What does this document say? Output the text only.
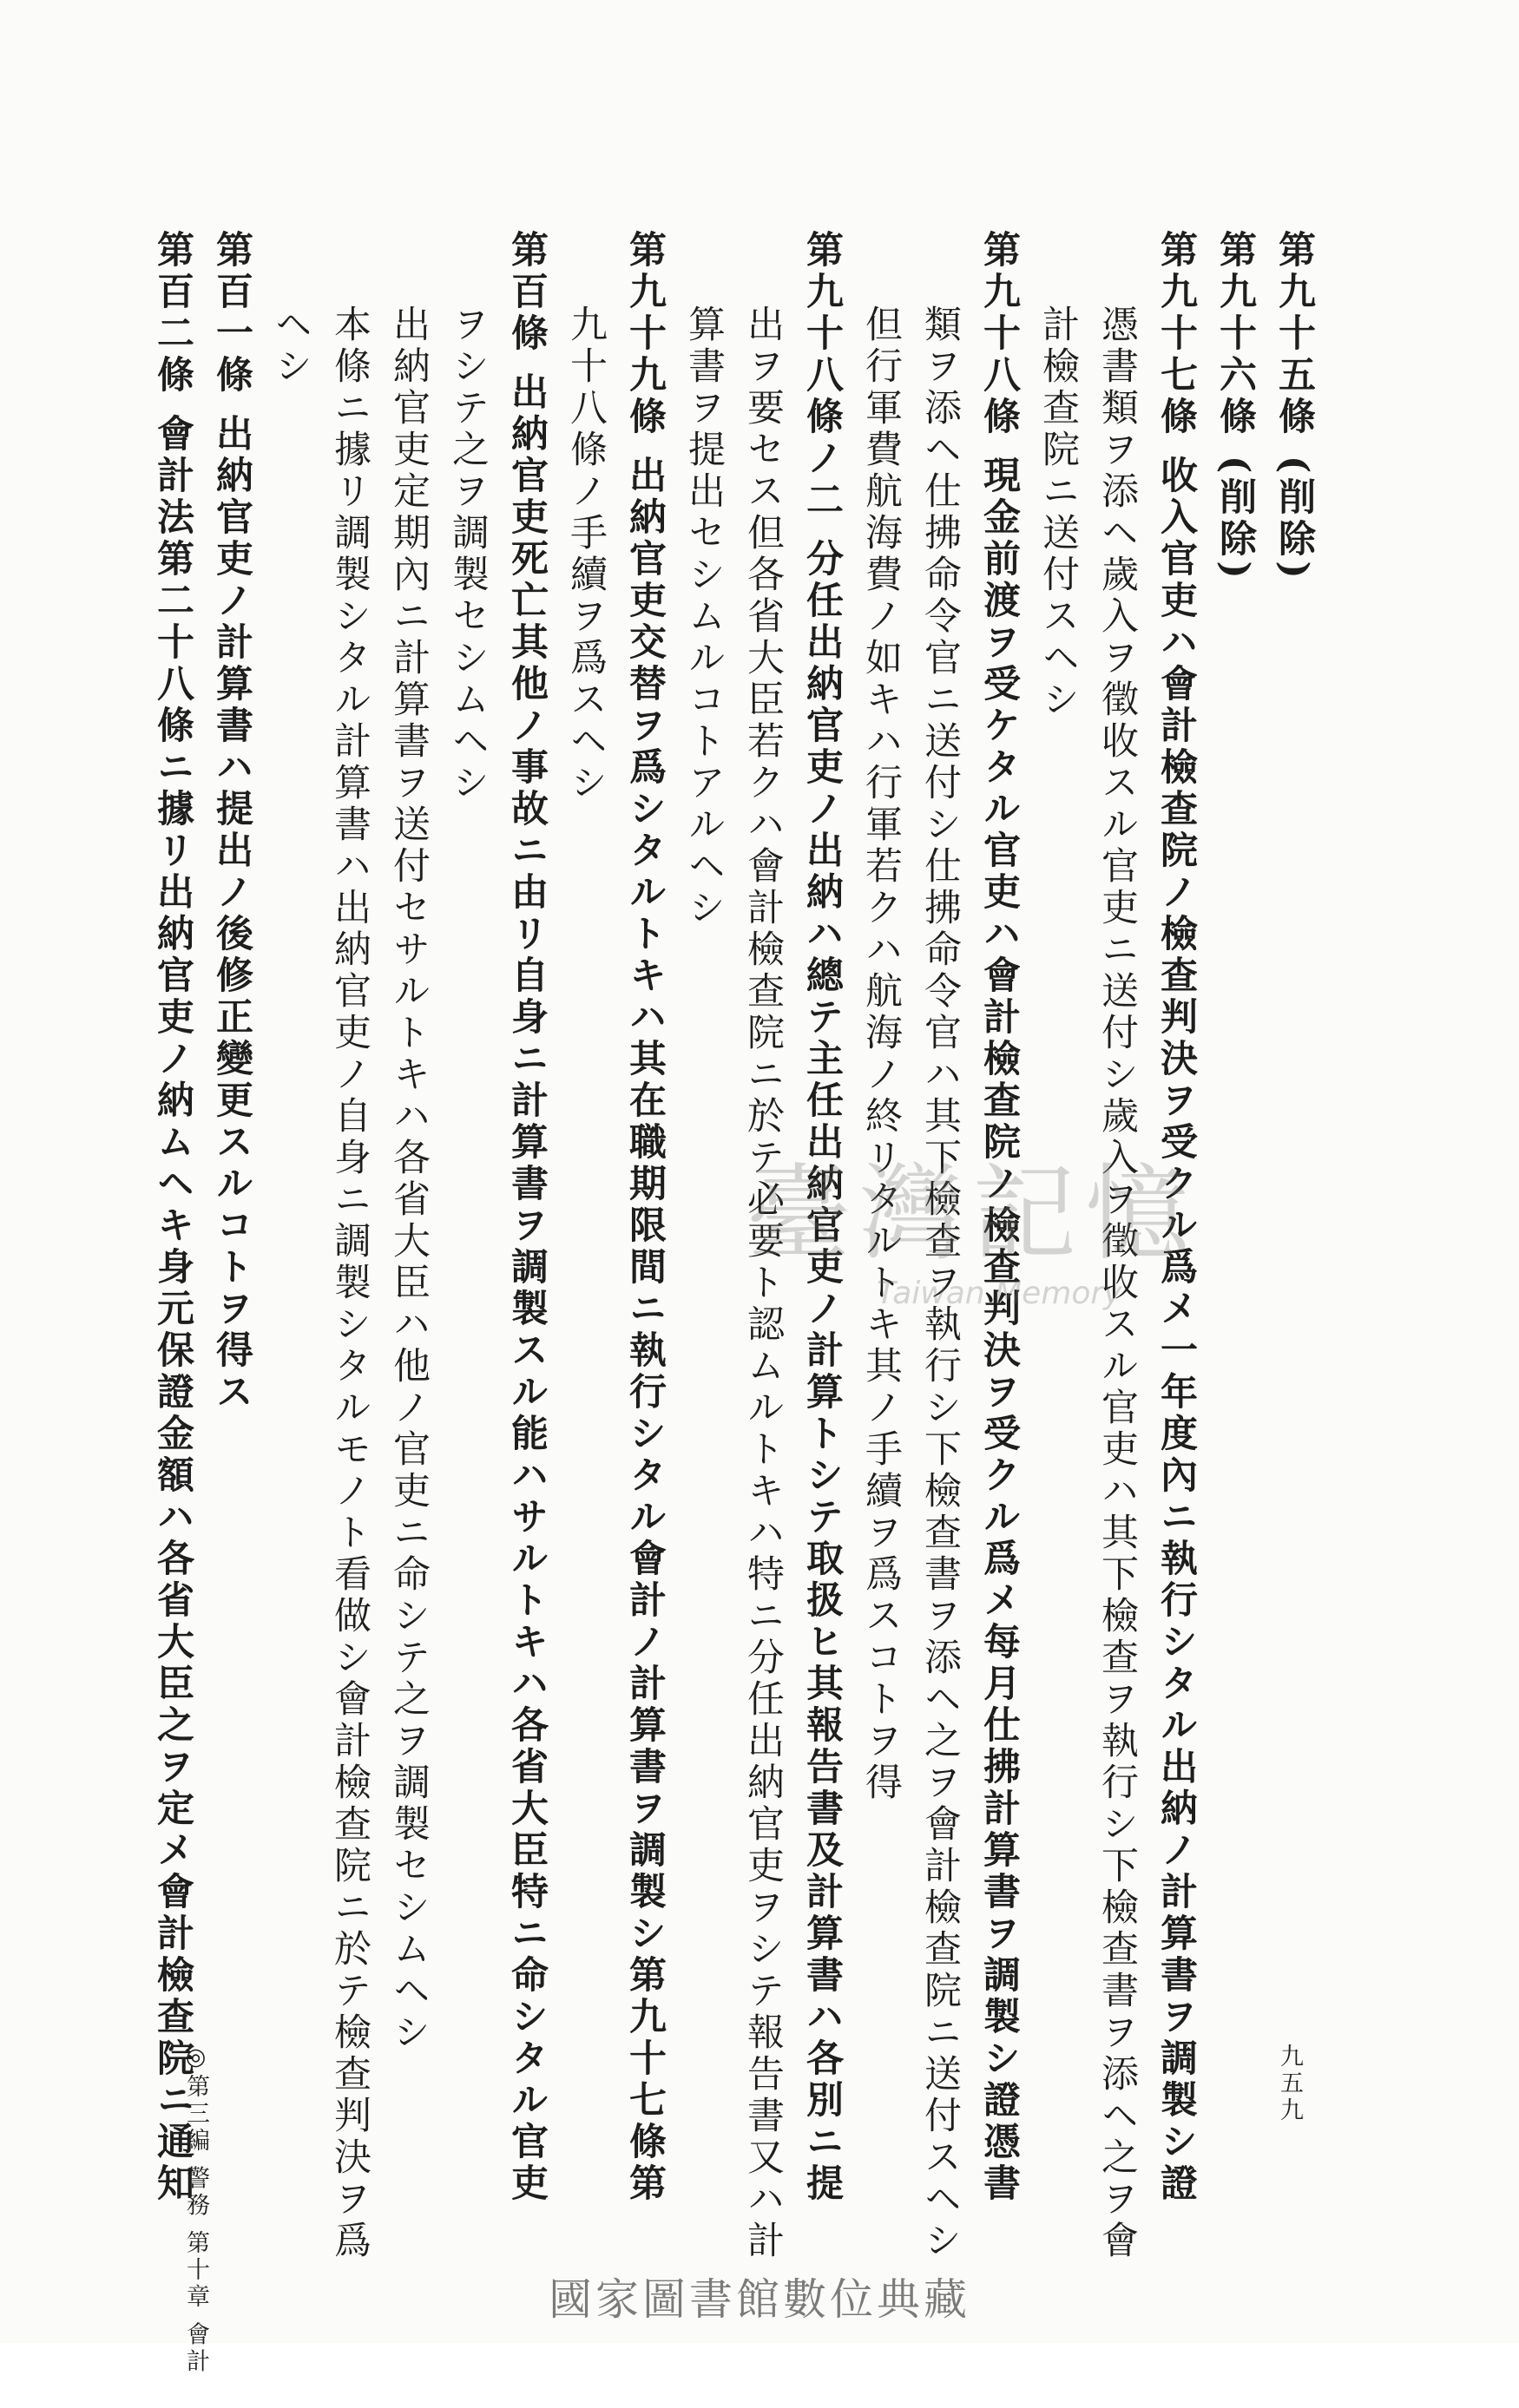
第九十五條 (削除)
第九十六條 (削除)
第九十七條 收入官吏ハ會計檢查院ノ檢查判決ヲ受クル爲メ一年度內ニ執行シタル出納ノ計算書ヲ調製シ證
憑書類ヲ添ヘ歲入ヲ徵收スル官吏ニ送付シ歲入ヲ徵收スル官吏ハ其下檢查ヲ執行シ下檢查書ヲ添ヘ之ヲ會
計檢查院ニ送付スヘシ
第九十八條 現金前渡ヲ受ケタル官吏ハ會計檢查院ノ檢查判決ヲ受クル爲メ每月仕拂計算書ヲ調製シ證憑書
類ヲ添ヘ仕拂命令官ニ送付シ仕拂命令官ハ其下檢查ヲ執行シ下檢查書ヲ添ヘ之ヲ會計檢查院ニ送付スヘシ
但行軍費航海費ノ如キハ行軍若クハ航海ノ終リタルトキ其ノ手續ヲ爲スコトヲ得
第九十八條ノ二 分任出納官吏ノ出納ハ總テ主任出納官吏ノ計算トシテ取扱ヒ其報告書及計算書ハ各別ニ提
出ヲ要セス但各省大臣若クハ會計檢查院ニ於テ必要ト認ムルトキハ特ニ分任出納官吏ヲシテ報告書又ハ計
算書ヲ提出セシムルコトアルヘシ
第九十九條 出納官吏交替ヲ爲シタルトキハ其在職期限間ニ執行シタル會計ノ計算書ヲ調製シ第九十七條第
九十八條ノ手續ヲ爲スヘシ
第百條 出納官吏死亡其他ノ事故ニ由リ自身ニ計算書ヲ調製スル能ハサルトキハ各省大臣特ニ命シタル官吏
ヲシテ之ヲ調製セシムヘシ
出納官吏定期內ニ計算書ヲ送付セサルトキハ各省大臣ハ他ノ官吏ニ命シテ之ヲ調製セシムヘシ
本條ニ據リ調製シタル計算書ハ出納官吏ノ自身ニ調製シタルモノト看做シ會計檢查院ニ於テ檢查判決ヲ爲
ヘシ
第百一條 出納官吏ノ計算書ハ提出ノ後修正變更スルコトヲ得ス
第百二條 會計法第二十八條ニ據リ出納官吏ノ納ムヘキ身元保證金額ハ各省大臣之ヲ定メ會計檢查院ニ通知	臺灣記憶
Taiwan Memory
◎第三編 警務 第十章 會計	九五九
國家圖書館數位典藏
